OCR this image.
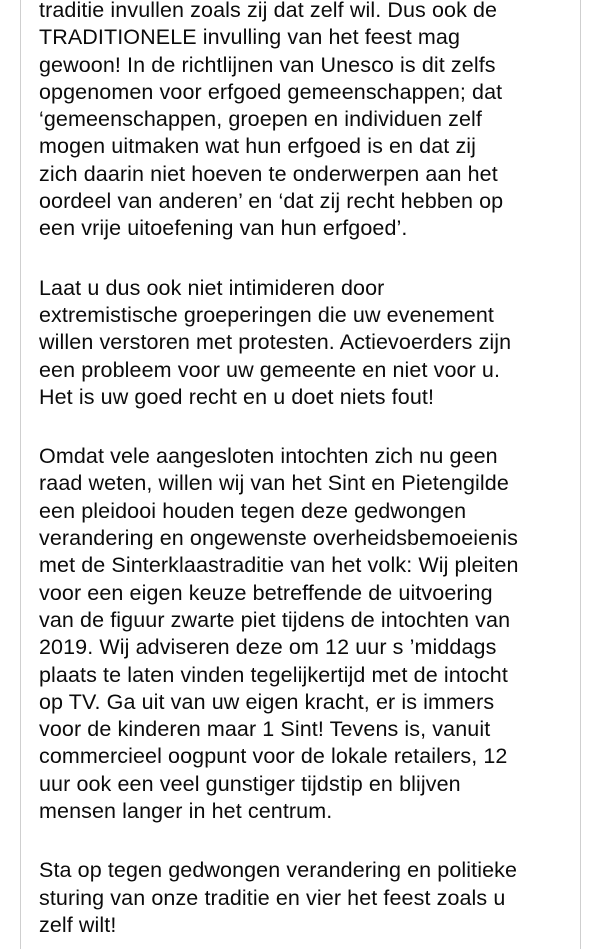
traditie invullen zoals zij dat zelf wil. Dus ook de
TRADITIONELE invulling van het feest mag
gewoon! In de richtlijnen van Unesco is dit zelfs
opgenomen voor erfgoed gemeenschappen; dat
‘gemeenschappen, groepen en individuen zelf
mogen uitmaken wat hun erfgoed is en dat zij
zich daarin niet hoeven te onderwerpen aan het
oordeel van anderen’ en ‘dat zij recht hebben op
een vrije uitoefening van hun erfgoed’.

Laat u dus ook niet intimideren door
extremistische groeperingen die uw evenement
willen verstoren met protesten. Actievoerders zijn
een probleem voor uw gemeente en niet voor u.
Het is uw goed recht en u doet niets fout!

Omdat vele aangesloten intochten zich nu geen
raad weten, willen wij van het Sint en Pietengilde
een pleidooi houden tegen deze gedwongen
verandering en ongewenste overheidsbemoeienis
met de Sinterklaastraditie van het volk: Wij pleiten
voor een eigen keuze betreffende de uitvoering
van de figuur zwarte piet tijdens de intochten van
2019. Wij adviseren deze om 12 uur s ’middags
plaats te laten vinden tegelijkertijd met de intocht
op TV. Ga uit van uw eigen kracht, er is immers
voor de kinderen maar 1 Sint! Tevens is, vanuit
commercieel oogpunt voor de lokale retailers, 12
uur ook een veel gunstiger tijdstip en blijven
mensen langer in het centrum.

Sta op tegen gedwongen verandering en politieke
sturing van onze traditie en vier het feest zoals u
zelf wilt!
